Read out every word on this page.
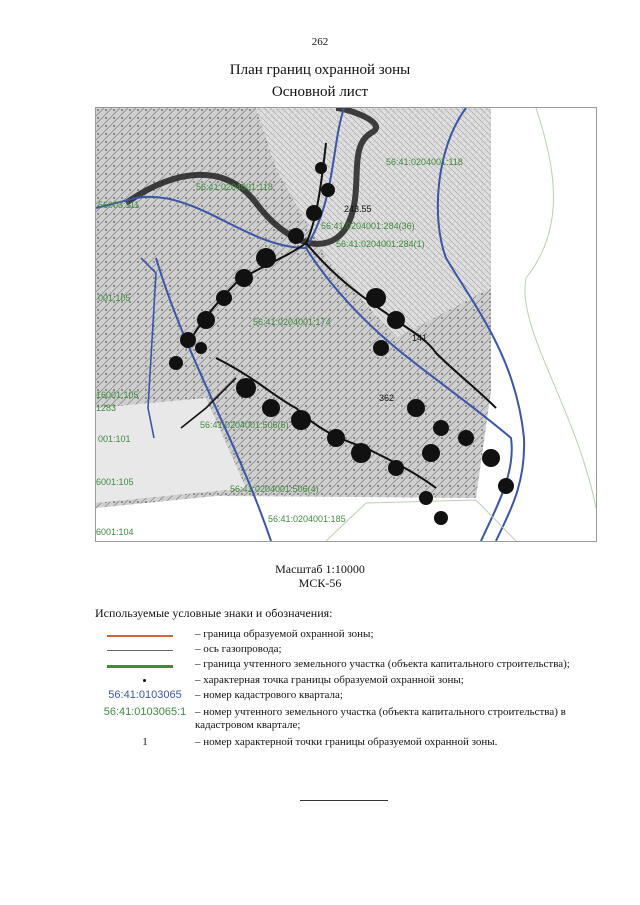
262
План границ охранной зоны
Основной лист
56:41:0204001:118
56:41:0204001:118
56003:111
56:41:0204001:284(36)
56:41:0204001:284(1)
56:41:0204001:174
56:41:0204001:506(6)
56:41:0204001:506(4)
56:41:0204001:185
6001:104
6001:105
001:105
16001:105
1283
001:101
243.55
362
141
Масштаб 1:10000
МСК-56
Используемые условные знаки и обозначения:
– граница образуемой охранной зоны;
– ось газопровода;
– граница учтенного земельного участка (объекта капитального строительства);
– характерная точка границы образуемой охранной зоны;
56:41:0103065	– номер кадастрового квартала;
56:41:0103065:1 – номер учтенного земельного участка (объекта капитального строительства) в кадастровом квартале;
1	– номер характерной точки границы образуемой охранной зоны.
